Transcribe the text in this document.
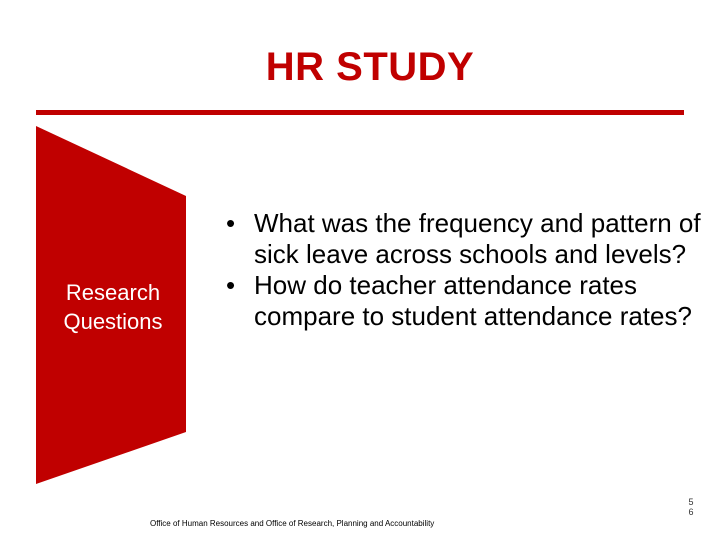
HR STUDY
Research
Questions
• What was the frequency and pattern of sick leave across schools and levels?
• How do teacher attendance rates compare to student attendance rates?
Office of Human Resources and Office of Research, Planning and Accountability
5
6
